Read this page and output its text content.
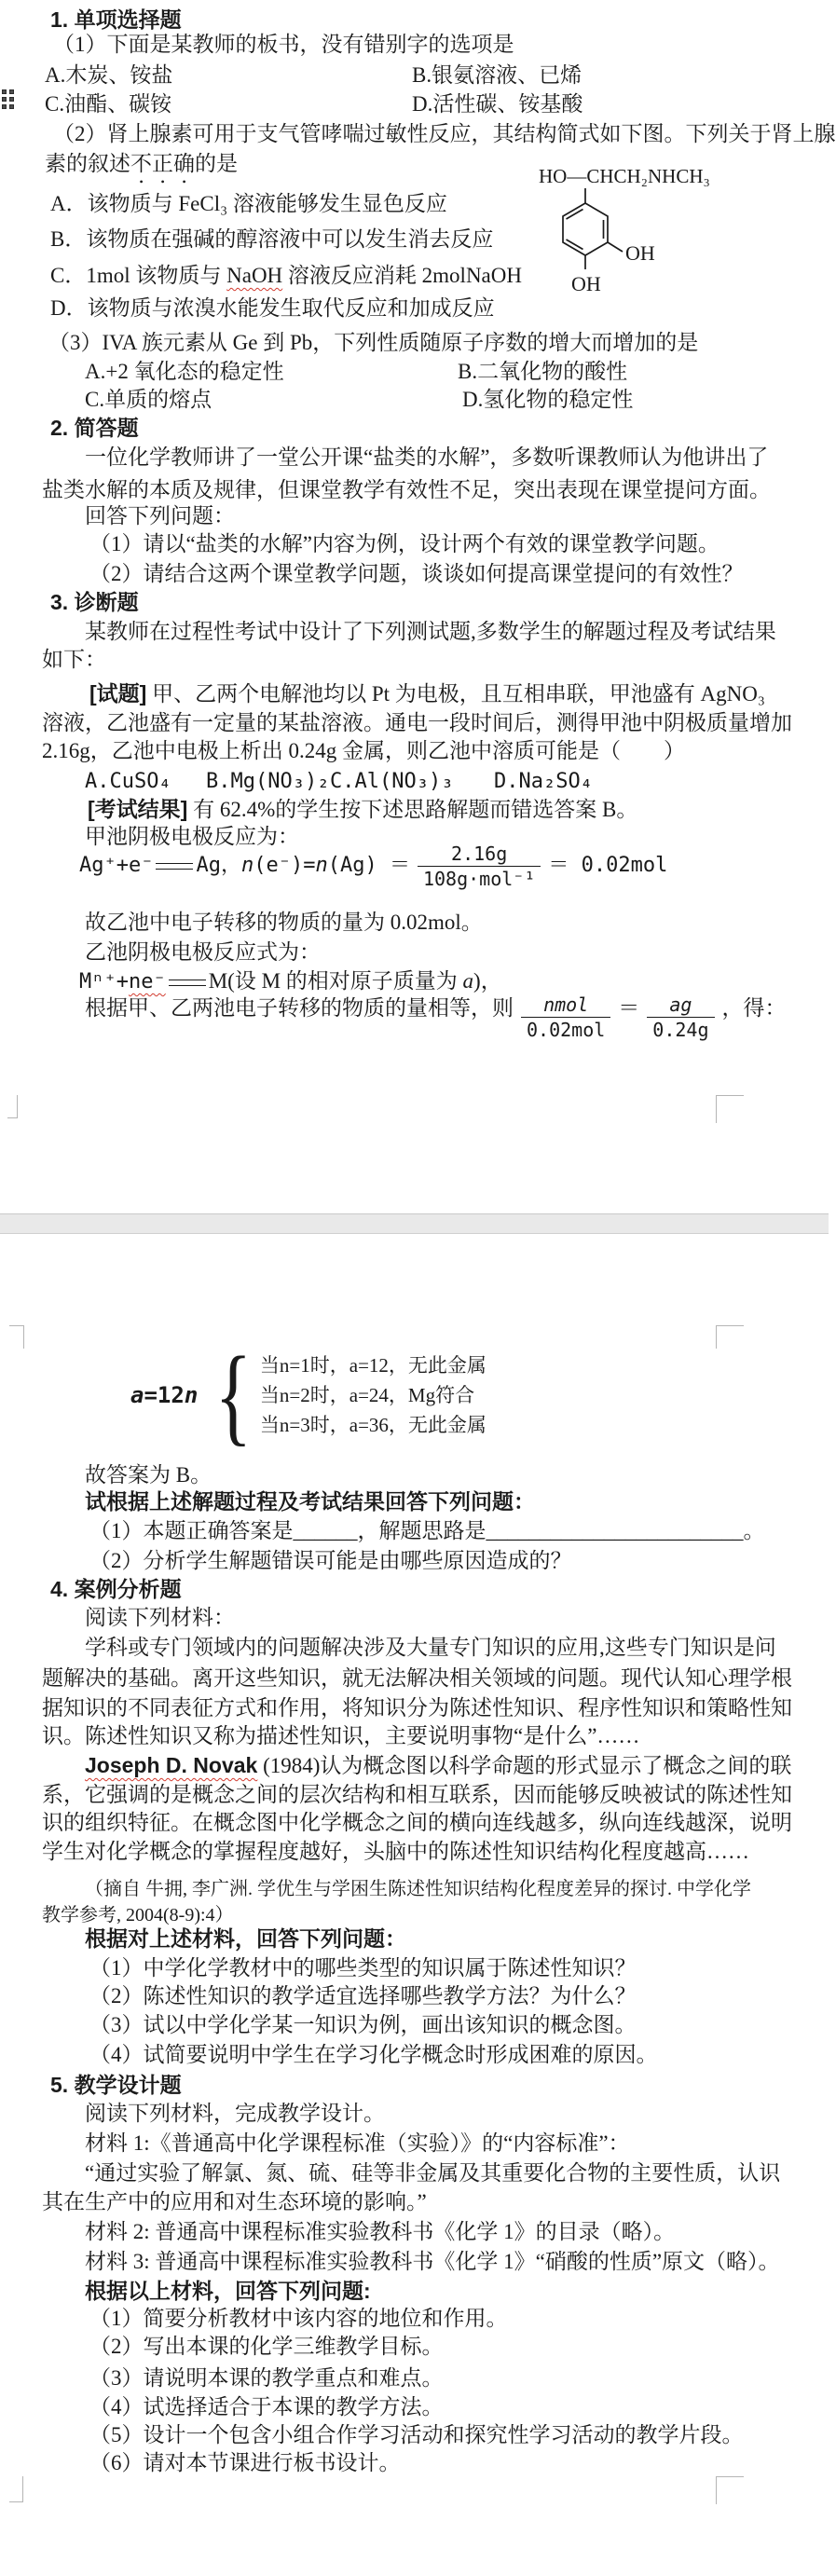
1. 单项选择题
（1）下面是某教师的板书，没有错别字的选项是
A.木炭、铵盐	B.银氨溶液、已烯
C.油酯、碳铵	D.活性碳、铵基酸
（2）肾上腺素可用于支气管哮喘过敏性反应，其结构简式如下图。下列关于肾上腺
素的叙述不正确的是
A．该物质与 FeCl₃ 溶液能够发生显色反应
B．该物质在强碱的醇溶液中可以发生消去反应
C．1mol 该物质与 NaOH 溶液反应消耗 2molNaOH
D．该物质与浓溴水能发生取代反应和加成反应
（3）IVA 族元素从 Ge 到 Pb，下列性质随原子序数的增大而增加的是
A.+2 氧化态的稳定性	B.二氧化物的酸性
C.单质的熔点	D.氢化物的稳定性
2. 简答题
一位化学教师讲了一堂公开课“盐类的水解”，多数听课教师认为他讲出了
盐类水解的本质及规律，但课堂教学有效性不足，突出表现在课堂提问方面。
回答下列问题：
（1）请以“盐类的水解”内容为例，设计两个有效的课堂教学问题。
（2）请结合这两个课堂教学问题，谈谈如何提高课堂提问的有效性？
3. 诊断题
某教师在过程性考试中设计了下列测试题,多数学生的解题过程及考试结果
如下：
[试题] 甲、乙两个电解池均以 Pt 为电极，且互相串联，甲池盛有 AgNO₃
溶液，乙池盛有一定量的某盐溶液。通电一段时间后，测得甲池中阴极质量增加
2.16g，乙池中电极上析出 0.24g 金属，则乙池中溶质可能是（　　）
A.CuSO₄ B.Mg(NO₃)₂ C.Al(NO₃)₃ D.Na₂SO₄
[考试结果] 有 62.4%的学生按下述思路解题而错选答案 B。
甲池阴极电极反应为：
Ag⁺+e⁻ Ag， n (e⁻)= n $(Ag) = \frac{2.16g}{\text{108g·mol⁻¹}} = 0.02mol$
故乙池中电子转移的物质的量为 0.02mol。
乙池阴极电极反应式为：
Mⁿ⁺+ne⁻ M(设 M 的相对原子质量为 a)，
根据甲、乙两池电子转移的物质的量相等，则 $\frac{\text{nmol}}{\text{0.02mol}} = \frac{ag}{0.24g}$ ，得：
HO—CHCH₂NHCH₃
OH
OH
a=12n { 当n=1时，a=12，无此金属
当n=2时，a=24，Mg符合
当n=3时，a=36，无此金属
故答案为 B。
试根据上述解题过程及考试结果回答下列问题：
（1）本题正确答案是______，解题思路是________________________。
（2）分析学生解题错误可能是由哪些原因造成的？
4. 案例分析题
阅读下列材料：
学科或专门领域内的问题解决涉及大量专门知识的应用,这些专门知识是问
题解决的基础。离开这些知识，就无法解决相关领域的问题。现代认知心理学根
据知识的不同表征方式和作用，将知识分为陈述性知识、程序性知识和策略性知
识。陈述性知识又称为描述性知识，主要说明事物“是什么”……
Joseph D. Novak (1984)认为概念图以科学命题的形式显示了概念之间的联
系，它强调的是概念之间的层次结构和相互联系，因而能够反映被试的陈述性知
识的组织特征。在概念图中化学概念之间的横向连线越多，纵向连线越深，说明
学生对化学概念的掌握程度越好，头脑中的陈述性知识结构化程度越高……
（摘自 牛拥, 李广洲. 学优生与学困生陈述性知识结构化程度差异的探讨. 中学化学
教学参考, 2004(8-9):4）
根据对上述材料，回答下列问题：
（1）中学化学教材中的哪些类型的知识属于陈述性知识？
（2）陈述性知识的教学适宜选择哪些教学方法？为什么？
（3）试以中学化学某一知识为例，画出该知识的概念图。
（4）试简要说明中学生在学习化学概念时形成困难的原因。
5. 教学设计题
阅读下列材料，完成教学设计。
材料 1:《普通高中化学课程标准（实验）》的“内容标准”：
“通过实验了解氯、氮、硫、硅等非金属及其重要化合物的主要性质，认识
其在生产中的应用和对生态环境的影响。”
材料 2: 普通高中课程标准实验教科书《化学 1》的目录（略）。
材料 3: 普通高中课程标准实验教科书《化学 1》“硝酸的性质”原文（略）。
根据以上材料，回答下列问题:
（1）简要分析教材中该内容的地位和作用。
（2）写出本课的化学三维教学目标。
（3）请说明本课的教学重点和难点。
（4）试选择适合于本课的教学方法。
（5）设计一个包含小组合作学习活动和探究性学习活动的教学片段。
（6）请对本节课进行板书设计。
